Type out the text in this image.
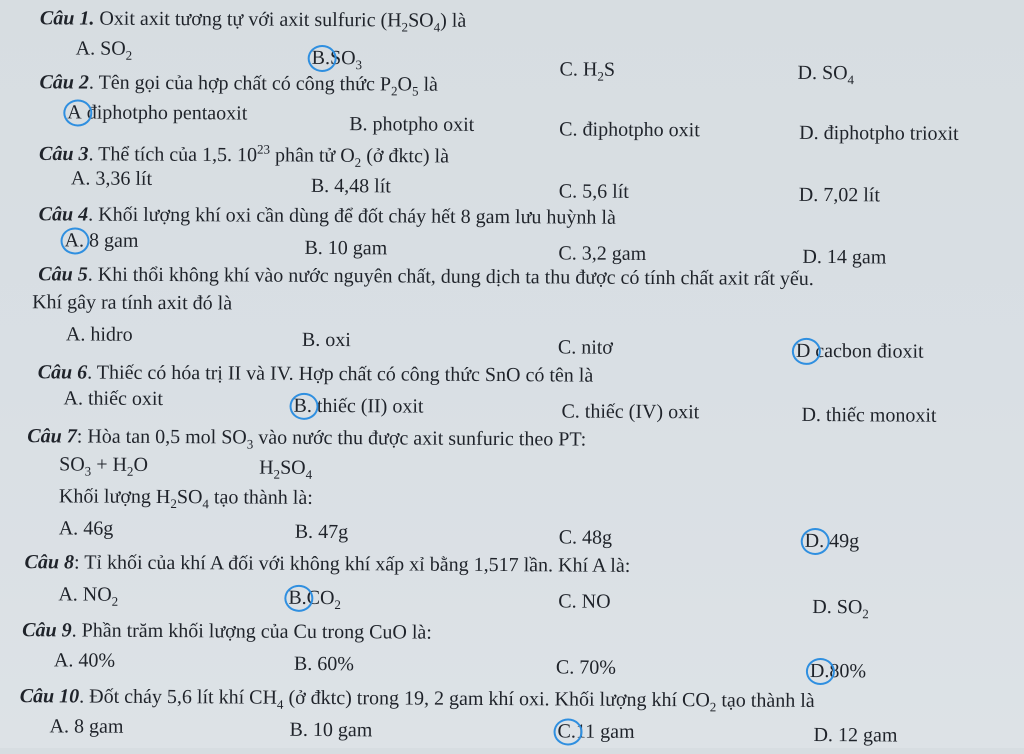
Câu 1. Oxit axit tương tự với axit sulfuric $(H_2SO_4)$ là
A. $SO_2$	$B.SO_3$	C. $H_2S$	D. $SO_4$
Câu 2. Tên gọi của hợp chất có công thức $P_2O_5$ là
A điphotpho pentaoxit	B. photpho oxit	C. điphotpho oxit	D. điphotpho trioxit
Câu 3. Thể tích của 1,5. $10^{23}$ phân tử $O_2$ (ở đktc) là
A. 3,36 lít	B. 4,48 lít	C. 5,6 lít	D. 7,02 lít
Câu 4. Khối lượng khí oxi cần dùng để đốt cháy hết 8 gam lưu huỳnh là
A. 8 gam	B. 10 gam	C. 3,2 gam	D. 14 gam
Câu 5. Khi thổi không khí vào nước nguyên chất, dung dịch ta thu được có tính chất axit rất yếu.
Khí gây ra tính axit đó là
A. hidro	B. oxi	C. nitơ	D cacbon đioxit
Câu 6. Thiếc có hóa trị II và IV. Hợp chất có công thức SnO có tên là
A. thiếc oxit	B. thiếc (II) oxit	C. thiếc (IV) oxit	D. thiếc monoxit
Câu 7: Hòa tan 0,5 mol $SO_3$ vào nước thu được axit sunfuric theo PT:
$SO_3 + H_2O$	$H_2SO_4$
Khối lượng $H_2SO_4$ tạo thành là:
A. 46g	B. 47g	C. 48g	D. 49g
Câu 8: Tỉ khối của khí A đối với không khí xấp xỉ bằng 1,517 lần. Khí A là:
A. $NO_2$	$B.CO_2$	C. NO	D. $SO_2$
Câu 9. Phần trăm khối lượng của Cu trong CuO là:
A. 40%	B. 60%	C. 70%	D.80%
Câu 10. Đốt cháy 5,6 lít khí $CH_4$ (ở đktc) trong 19, 2 gam khí oxi. Khối lượng khí $CO_2$ tạo thành là
A. 8 gam	B. 10 gam	C.11 gam	D. 12 gam
